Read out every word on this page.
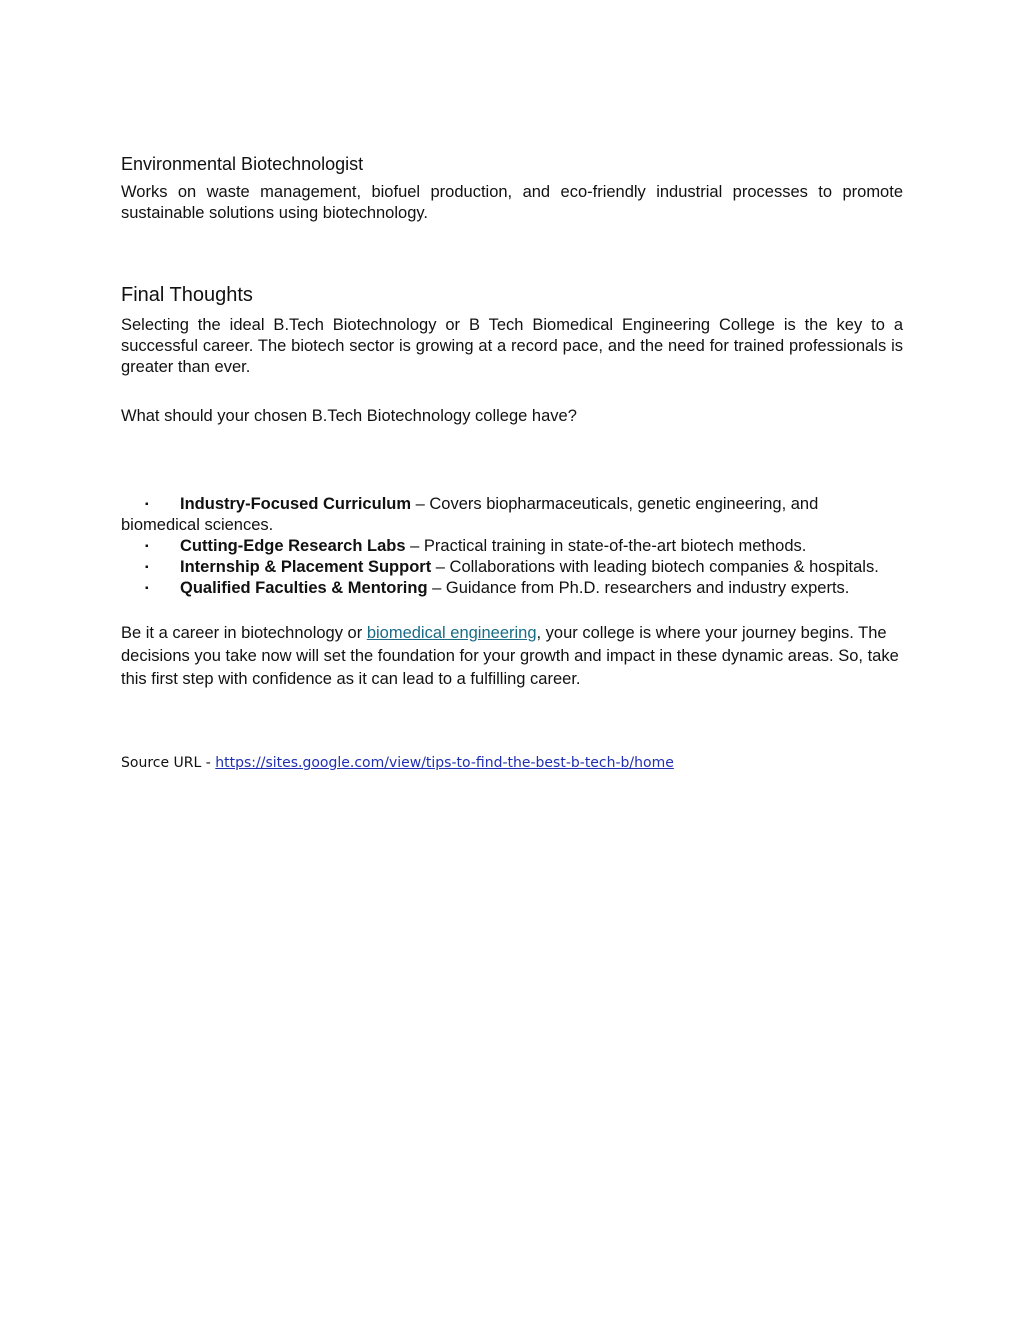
Environmental Biotechnologist

Works on waste management, biofuel production, and eco-friendly industrial processes to promote sustainable solutions using biotechnology.

Final Thoughts

Selecting the ideal B.Tech Biotechnology or B Tech Biomedical Engineering College is the key to a successful career. The biotech sector is growing at a record pace, and the need for trained professionals is greater than ever.

What should your chosen B.Tech Biotechnology college have?

▪ Industry-Focused Curriculum – Covers biopharmaceuticals, genetic engineering, and biomedical sciences.
▪ Cutting-Edge Research Labs – Practical training in state-of-the-art biotech methods.
▪ Internship & Placement Support – Collaborations with leading biotech companies & hospitals.
▪ Qualified Faculties & Mentoring – Guidance from Ph.D. researchers and industry experts.

Be it a career in biotechnology or biomedical engineering, your college is where your journey begins. The decisions you take now will set the foundation for your growth and impact in these dynamic areas. So, take this first step with confidence as it can lead to a fulfilling career.

Source URL - https://sites.google.com/view/tips-to-find-the-best-b-tech-b/home
